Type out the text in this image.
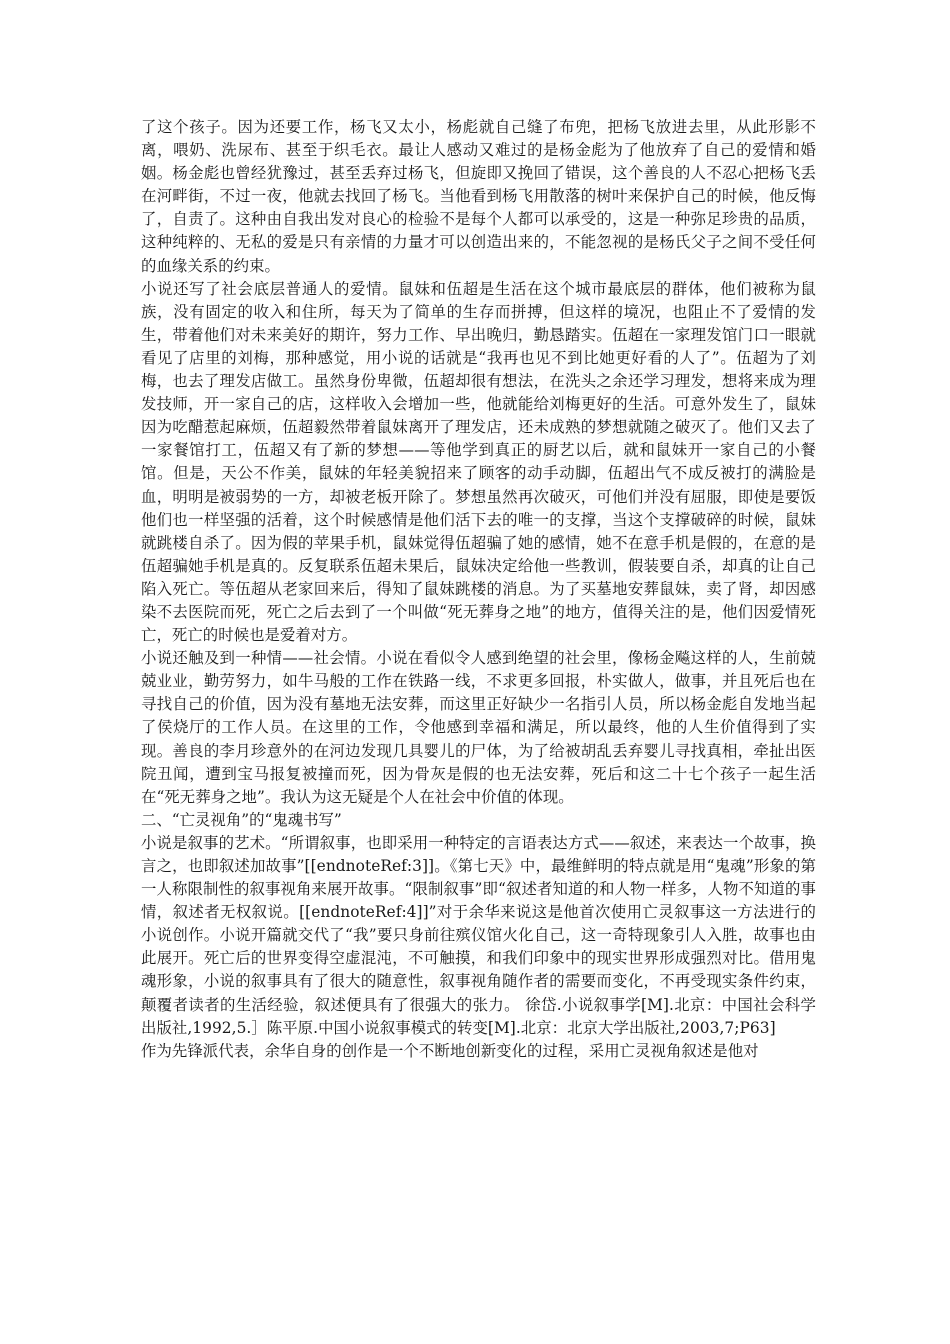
了这个孩子。因为还要工作，杨飞又太小，杨彪就自己缝了布兜，把杨飞放进去里，从此形影不离，喂奶、洗尿布、甚至于织毛衣。最让人感动又难过的是杨金彪为了他放弃了自己的爱情和婚姻。杨金彪也曾经犹豫过，甚至丢弃过杨飞，但旋即又挽回了错误，这个善良的人不忍心把杨飞丢在河畔街，不过一夜，他就去找回了杨飞。当他看到杨飞用散落的树叶来保护自己的时候，他反悔了，自责了。这种由自我出发对良心的检验不是每个人都可以承受的，这是一种弥足珍贵的品质，这种纯粹的、无私的爱是只有亲情的力量才可以创造出来的，不能忽视的是杨氏父子之间不受任何的血缘关系的约束。

小说还写了社会底层普通人的爱情。鼠妹和伍超是生活在这个城市最底层的群体，他们被称为鼠族，没有固定的收入和住所，每天为了简单的生存而拼搏，但这样的境况，也阻止不了爱情的发生，带着他们对未来美好的期许，努力工作、早出晚归，勤恳踏实。伍超在一家理发馆门口一眼就看见了店里的刘梅，那种感觉，用小说的话就是“我再也见不到比她更好看的人了”。伍超为了刘梅，也去了理发店做工。虽然身份卑微，伍超却很有想法，在洗头之余还学习理发，想将来成为理发技师，开一家自己的店，这样收入会增加一些，他就能给刘梅更好的生活。可意外发生了，鼠妹因为吃醋惹起麻烦，伍超毅然带着鼠妹离开了理发店，还未成熟的梦想就随之破灭了。他们又去了一家餐馆打工，伍超又有了新的梦想——等他学到真正的厨艺以后，就和鼠妹开一家自己的小餐馆。但是，天公不作美，鼠妹的年轻美貌招来了顾客的动手动脚，伍超出气不成反被打的满脸是血，明明是被弱势的一方，却被老板开除了。梦想虽然再次破灭，可他们并没有屈服，即使是要饭他们也一样坚强的活着，这个时候感情是他们活下去的唯一的支撑，当这个支撑破碎的时候，鼠妹就跳楼自杀了。因为假的苹果手机，鼠妹觉得伍超骗了她的感情，她不在意手机是假的，在意的是伍超骗她手机是真的。反复联系伍超未果后，鼠妹决定给他一些教训，假装要自杀，却真的让自己陷入死亡。等伍超从老家回来后，得知了鼠妹跳楼的消息。为了买墓地安葬鼠妹，卖了肾，却因感染不去医院而死，死亡之后去到了一个叫做“死无葬身之地”的地方，值得关注的是，他们因爱情死亡，死亡的时候也是爱着对方。

小说还触及到一种情——社会情。小说在看似令人感到绝望的社会里，像杨金飚这样的人，生前兢兢业业，勤劳努力，如牛马般的工作在铁路一线，不求更多回报，朴实做人，做事，并且死后也在寻找自己的价值，因为没有墓地无法安葬，而这里正好缺少一名指引人员，所以杨金彪自发地当起了侯烧厅的工作人员。在这里的工作，令他感到幸福和满足，所以最终，他的人生价值得到了实现。善良的李月珍意外的在河边发现几具婴儿的尸体，为了给被胡乱丢弃婴儿寻找真相，牵扯出医院丑闻，遭到宝马报复被撞而死，因为骨灰是假的也无法安葬，死后和这二十七个孩子一起生活在“死无葬身之地”。我认为这无疑是个人在社会中价值的体现。

二、“亡灵视角”的“鬼魂书写”

小说是叙事的艺术。“所谓叙事，也即采用一种特定的言语表达方式——叙述，来表达一个故事，换言之，也即叙述加故事”[[endnoteRef:3]]。《第七天》中，最维鲜明的特点就是用“鬼魂”形象的第一人称限制性的叙事视角来展开故事。“限制叙事”即“叙述者知道的和人物一样多，人物不知道的事情，叙述者无权叙说。[[endnoteRef:4]]”对于余华来说这是他首次使用亡灵叙事这一方法进行的小说创作。小说开篇就交代了“我”要只身前往殡仪馆火化自己，这一奇特现象引人入胜，故事也由此展开。死亡后的世界变得空虚混沌，不可触摸，和我们印象中的现实世界形成强烈对比。借用鬼魂形象，小说的叙事具有了很大的随意性，叙事视角随作者的需要而变化，不再受现实条件约束，颠覆者读者的生活经验，叙述便具有了很强大的张力。 徐岱.小说叙事学[M].北京：中国社会科学出版社,1992,5.］陈平原.中国小说叙事模式的转变[M].北京：北京大学出版社,2003,7;P63]

作为先锋派代表，余华自身的创作是一个不断地创新变化的过程，采用亡灵视角叙述是他对
